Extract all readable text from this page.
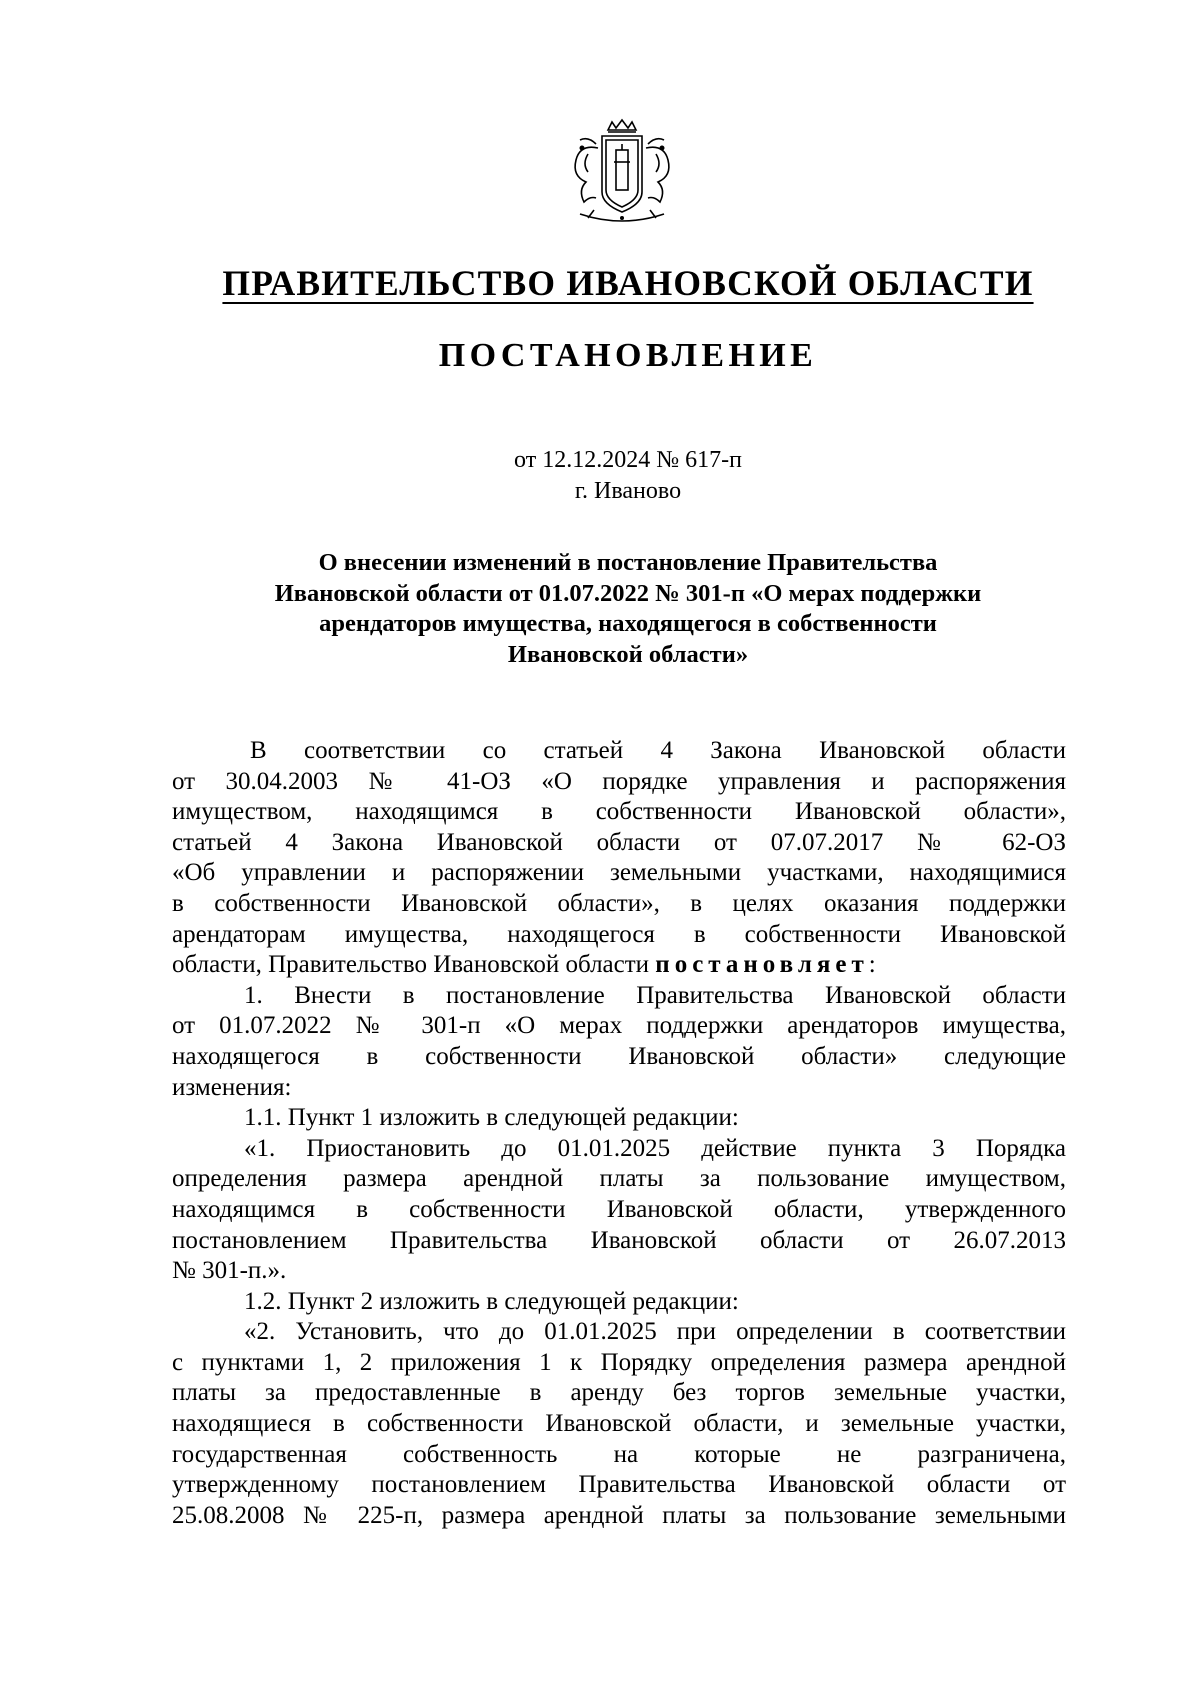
ПРАВИТЕЛЬСТВО ИВАНОВСКОЙ ОБЛАСТИ
ПОСТАНОВЛЕНИЕ
от 12.12.2024 № 617-п
г. Иваново
О внесении изменений в постановление Правительства
Ивановской области от 01.07.2022 № 301-п «О мерах поддержки
арендаторов имущества, находящегося в собственности
Ивановской области»
В соответствии со статьей 4 Закона Ивановской области
от 30.04.2003 № 41-ОЗ «О порядке управления и распоряжения
имуществом, находящимся в собственности Ивановской области»,
статьей 4 Закона Ивановской области от 07.07.2017 № 62-ОЗ
«Об управлении и распоряжении земельными участками, находящимися
в собственности Ивановской области», в целях оказания поддержки
арендаторам имущества, находящегося в собственности Ивановской
области, Правительство Ивановской области постановляет:
1. Внести в постановление Правительства Ивановской области
от 01.07.2022 № 301-п «О мерах поддержки арендаторов имущества,
находящегося в собственности Ивановской области» следующие
изменения:
1.1. Пункт 1 изложить в следующей редакции:
«1. Приостановить до 01.01.2025 действие пункта 3 Порядка
определения размера арендной платы за пользование имуществом,
находящимся в собственности Ивановской области, утвержденного
постановлением Правительства Ивановской области от 26.07.2013
№ 301-п.».
1.2. Пункт 2 изложить в следующей редакции:
«2. Установить, что до 01.01.2025 при определении в соответствии
с пунктами 1, 2 приложения 1 к Порядку определения размера арендной
платы за предоставленные в аренду без торгов земельные участки,
находящиеся в собственности Ивановской области, и земельные участки,
государственная собственность на которые не разграничена,
утвержденному постановлением Правительства Ивановской области от
25.08.2008 № 225-п, размера арендной платы за пользование земельными
